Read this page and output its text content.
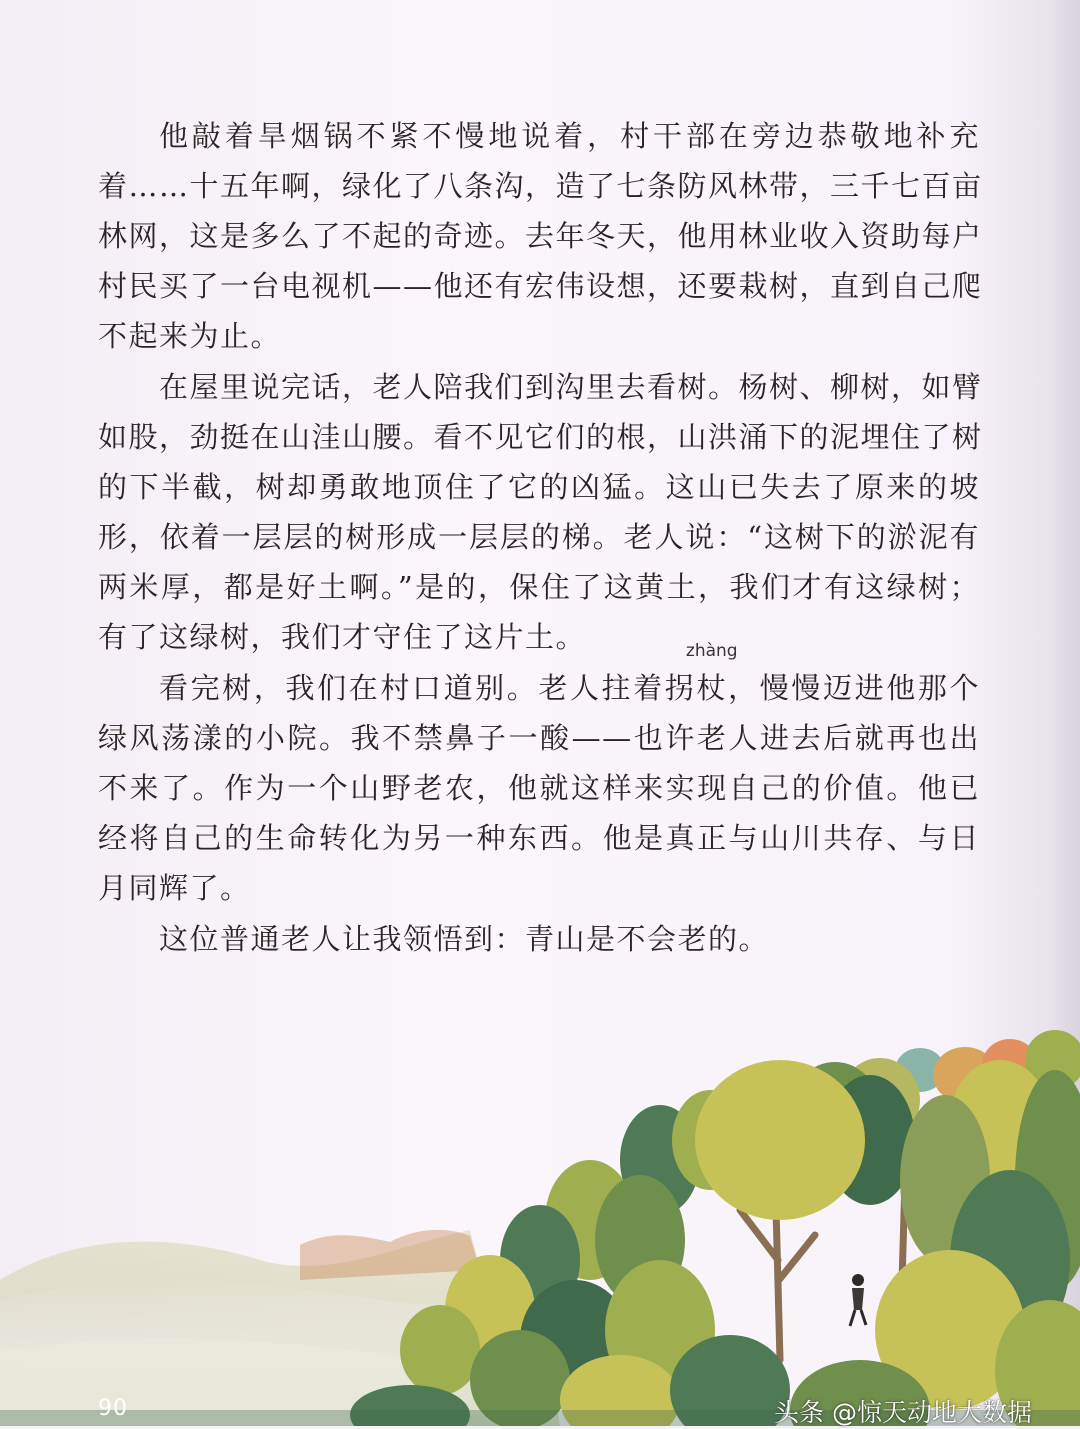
他敲着旱烟锅不紧不慢地说着，村干部在旁边恭敬地补充
着……十五年啊，绿化了八条沟，造了七条防风林带，三千七百亩
林网，这是多么了不起的奇迹。去年冬天，他用林业收入资助每户
村民买了一台电视机——他还有宏伟设想，还要栽树，直到自己爬
不起来为止。
在屋里说完话，老人陪我们到沟里去看树。杨树、柳树，如臂
如股，劲挺在山洼山腰。看不见它们的根，山洪涌下的泥埋住了树
的下半截，树却勇敢地顶住了它的凶猛。这山已失去了原来的坡
形，依着一层层的树形成一层层的梯。老人说：“这树下的淤泥有
两米厚，都是好土啊。”是的，保住了这黄土，我们才有这绿树；
有了这绿树，我们才守住了这片土。
看完树，我们在村口道别。老人拄着拐
zhàng
杖，慢慢迈进他那个
绿风荡漾的小院。我不禁鼻子一酸——也许老人进去后就再也出
不来了。作为一个山野老农，他就这样来实现自己的价值。他已
经将自己的生命转化为另一种东西。他是真正与山川共存、与日
月同辉了。
这位普通老人让我领悟到：青山是不会老的。
90	头条 @惊天动地大数据
